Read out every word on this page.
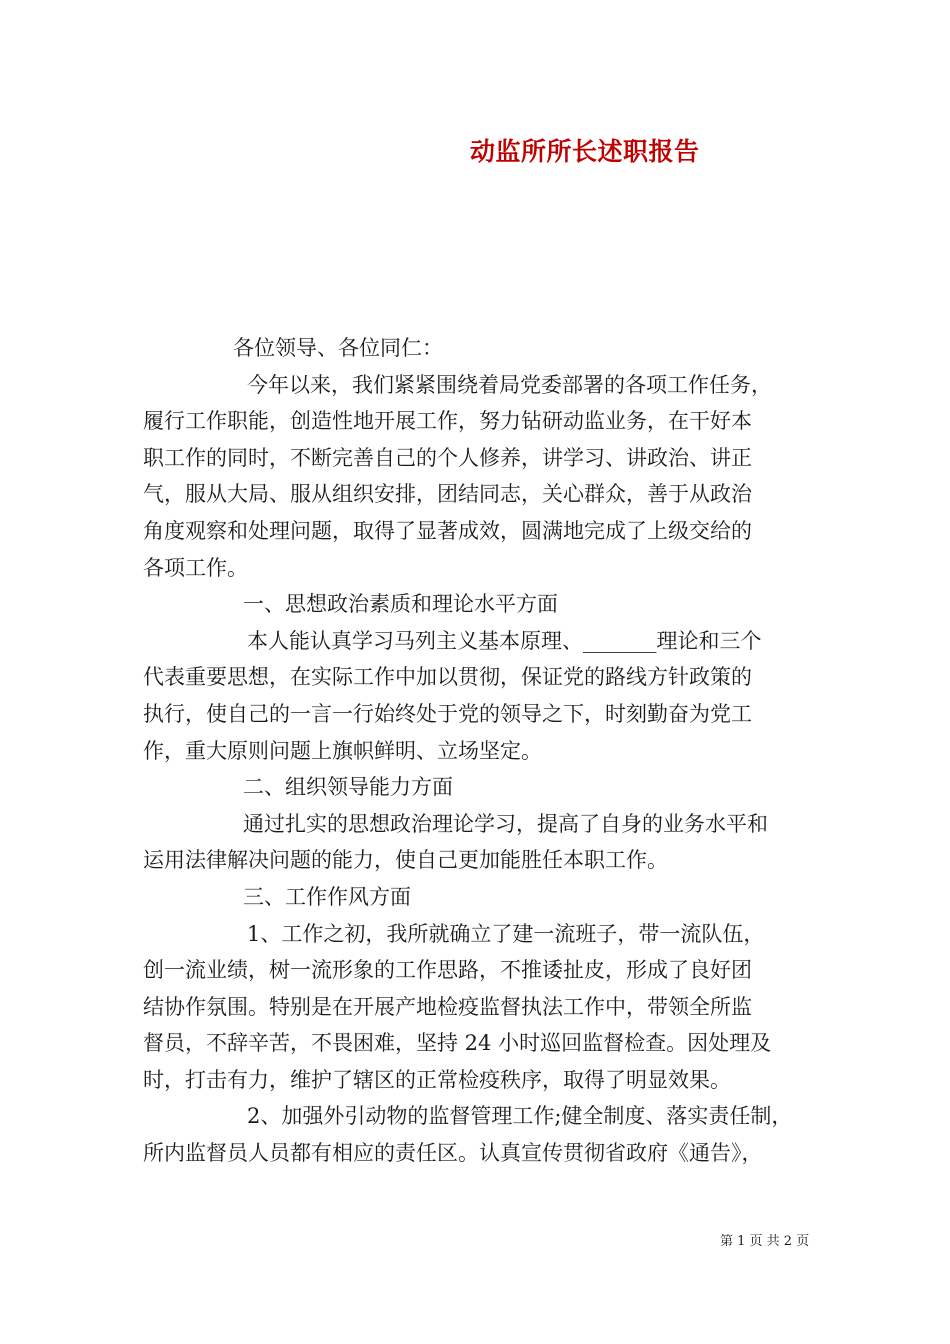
动监所所长述职报告
各位领导、各位同仁：
今年以来，我们紧紧围绕着局党委部署的各项工作任务，
履行工作职能，创造性地开展工作，努力钻研动监业务，在干好本
职工作的同时，不断完善自己的个人修养，讲学习、讲政治、讲正
气，服从大局、服从组织安排，团结同志，关心群众，善于从政治
角度观察和处理问题，取得了显著成效，圆满地完成了上级交给的
各项工作。
一、思想政治素质和理论水平方面
本人能认真学习马列主义基本原理、_______理论和三个
代表重要思想，在实际工作中加以贯彻，保证党的路线方针政策的
执行，使自己的一言一行始终处于党的领导之下，时刻勤奋为党工
作，重大原则问题上旗帜鲜明、立场坚定。
二、组织领导能力方面
通过扎实的思想政治理论学习，提高了自身的业务水平和
运用法律解决问题的能力，使自己更加能胜任本职工作。
三、工作作风方面
1、工作之初，我所就确立了建一流班子，带一流队伍，
创一流业绩，树一流形象的工作思路，不推诿扯皮，形成了良好团
结协作氛围。特别是在开展产地检疫监督执法工作中，带领全所监
督员，不辞辛苦，不畏困难，坚持 24 小时巡回监督检查。因处理及
时，打击有力，维护了辖区的正常检疫秩序，取得了明显效果。
2、加强外引动物的监督管理工作;健全制度、落实责任制，
所内监督员人员都有相应的责任区。认真宣传贯彻省政府《通告》，
第 1 页 共 2 页
